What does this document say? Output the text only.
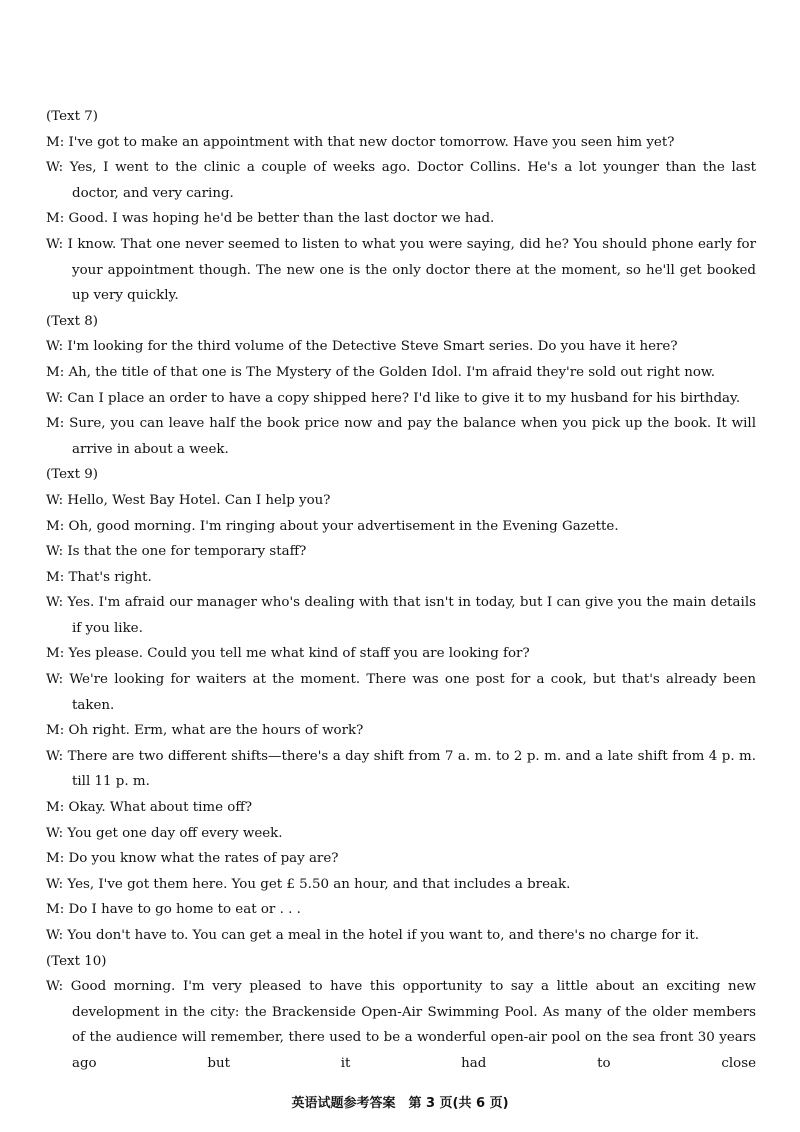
(Text 7)
M: I've got to make an appointment with that new doctor tomorrow. Have you seen him yet?
W: Yes, I went to the clinic a couple of weeks ago. Doctor Collins. He's a lot younger than the last doctor, and very caring.
M: Good. I was hoping he'd be better than the last doctor we had.
W: I know. That one never seemed to listen to what you were saying, did he? You should phone early for your appointment though. The new one is the only doctor there at the moment, so he'll get booked up very quickly.
(Text 8)
W: I'm looking for the third volume of the Detective Steve Smart series. Do you have it here?
M: Ah, the title of that one is The Mystery of the Golden Idol. I'm afraid they're sold out right now.
W: Can I place an order to have a copy shipped here? I'd like to give it to my husband for his birthday.
M: Sure, you can leave half the book price now and pay the balance when you pick up the book. It will arrive in about a week.
(Text 9)
W: Hello, West Bay Hotel. Can I help you?
M: Oh, good morning. I'm ringing about your advertisement in the Evening Gazette.
W: Is that the one for temporary staff?
M: That's right.
W: Yes. I'm afraid our manager who's dealing with that isn't in today, but I can give you the main details if you like.
M: Yes please. Could you tell me what kind of staff you are looking for?
W: We're looking for waiters at the moment. There was one post for a cook, but that's already been taken.
M: Oh right. Erm, what are the hours of work?
W: There are two different shifts—there's a day shift from 7 a. m. to 2 p. m. and a late shift from 4 p. m. till 11 p. m.
M: Okay. What about time off?
W: You get one day off every week.
M: Do you know what the rates of pay are?
W: Yes, I've got them here. You get £ 5.50 an hour, and that includes a break.
M: Do I have to go home to eat or . . .
W: You don't have to. You can get a meal in the hotel if you want to, and there's no charge for it.
(Text 10)
W: Good morning. I'm very pleased to have this opportunity to say a little about an exciting new development in the city: the Brackenside Open-Air Swimming Pool. As many of the older members of the audience will remember, there used to be a wonderful open-air pool on the sea front 30 years ago but it had to close
英语试题参考答案　第 3 页(共 6 页)
